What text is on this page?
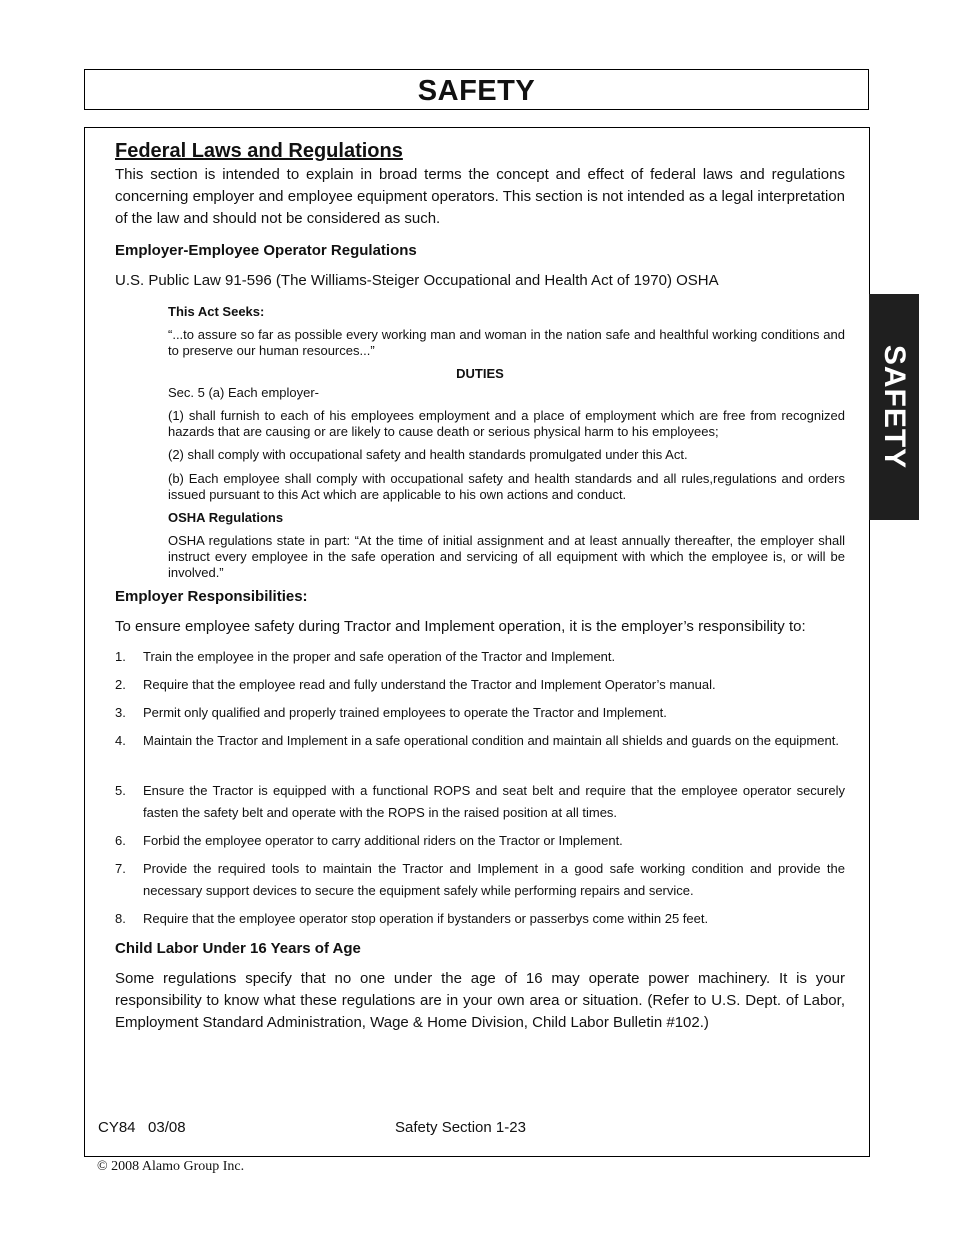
SAFETY
SAFETY
Federal Laws and Regulations
This section is intended to explain in broad terms the concept and effect of federal laws and regulations concerning employer and employee equipment operators. This section is not intended as a legal interpretation of the law and should not be considered as such.
Employer-Employee Operator Regulations
U.S. Public Law 91-596 (The Williams-Steiger Occupational and Health Act of 1970) OSHA
This Act Seeks:
“...to assure so far as possible every working man and woman in the nation safe and healthful working conditions and to preserve our human resources...”
DUTIES
Sec. 5 (a) Each employer-
(1) shall furnish to each of his employees employment and a place of employment which are free from recognized hazards that are causing or are likely to cause death or serious physical harm to his employees;
(2) shall comply with occupational safety and health standards promulgated under this Act.
(b) Each employee shall comply with occupational safety and health standards and all rules,regulations and orders issued pursuant to this Act which are applicable to his own actions and conduct.
OSHA Regulations
OSHA regulations state in part: “At the time of initial assignment and at least annually thereafter, the employer shall instruct every employee in the safe operation and servicing of all equipment with which the employee is, or will be involved.”
Employer Responsibilities:
To ensure employee safety during Tractor and Implement operation, it is the employer’s responsibility to:
1. Train the employee in the proper and safe operation of the Tractor and Implement.
2. Require that the employee read and fully understand the Tractor and Implement Operator’s manual.
3. Permit only qualified and properly trained employees to operate the Tractor and Implement.
4. Maintain the Tractor and Implement in a safe operational condition and maintain all shields and guards on the equipment.
5. Ensure the Tractor is equipped with a functional ROPS and seat belt and require that the employee operator securely fasten the safety belt and operate with the ROPS in the raised position at all times.
6. Forbid the employee operator to carry additional riders on the Tractor or Implement.
7. Provide the required tools to maintain the Tractor and Implement in a good safe working condition and provide the necessary support devices to secure the equipment safely while performing repairs and service.
8. Require that the employee operator stop operation if bystanders or passerbys come within 25 feet.
Child Labor Under 16 Years of Age
Some regulations specify that no one under the age of 16 may operate power machinery. It is your responsibility to know what these regulations are in your own area or situation. (Refer to U.S. Dept. of Labor, Employment Standard Administration, Wage & Home Division, Child Labor Bulletin #102.)
CY84   03/08	Safety Section 1-23
© 2008 Alamo Group Inc.
